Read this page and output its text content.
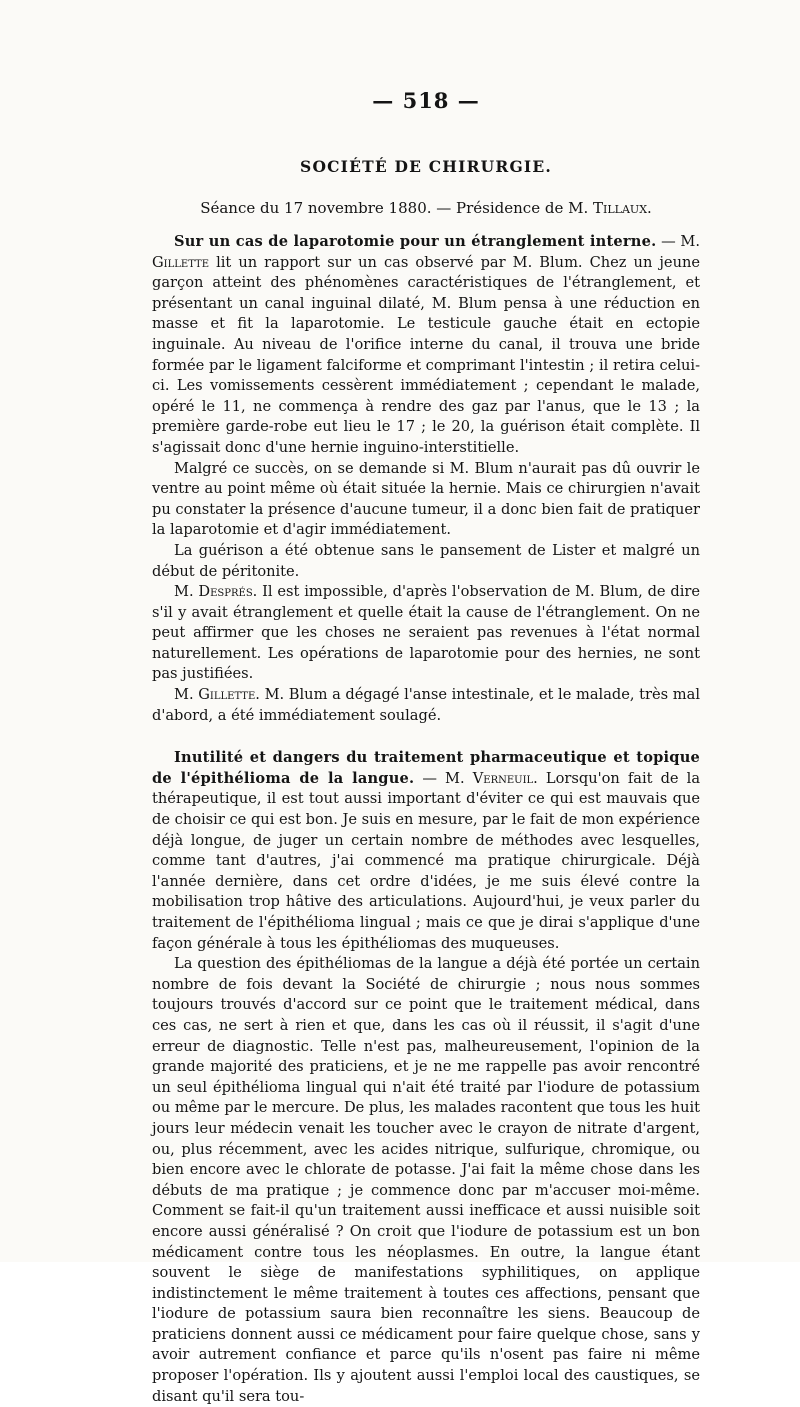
— 518 —
SOCIÉTÉ DE CHIRURGIE.
Séance du 17 novembre 1880. — Présidence de M. Tillaux.

Sur un cas de laparotomie pour un étranglement interne. — M. Gillette lit un rapport sur un cas observé par M. Blum. Chez un jeune garçon atteint des phénomènes caractéristiques de l'étranglement, et présentant un canal inguinal dilaté, M. Blum pensa à une réduction en masse et fit la laparotomie. Le testicule gauche était en ectopie inguinale. Au niveau de l'orifice interne du canal, il trouva une bride formée par le ligament falciforme et comprimant l'intestin ; il retira celui-ci. Les vomissements cessèrent immédiatement ; cependant le malade, opéré le 11, ne commença à rendre des gaz par l'anus, que le 13 ; la première garde-robe eut lieu le 17 ; le 20, la guérison était complète. Il s'agissait donc d'une hernie inguino-interstitielle.

Malgré ce succès, on se demande si M. Blum n'aurait pas dû ouvrir le ventre au point même où était située la hernie. Mais ce chirurgien n'avait pu constater la présence d'aucune tumeur, il a donc bien fait de pratiquer la laparotomie et d'agir immédiatement.

La guérison a été obtenue sans le pansement de Lister et malgré un début de péritonite.

M. Després. Il est impossible, d'après l'observation de M. Blum, de dire s'il y avait étranglement et quelle était la cause de l'étranglement. On ne peut affirmer que les choses ne seraient pas revenues à l'état normal naturellement. Les opérations de laparotomie pour des hernies, ne sont pas justifiées.

M. Gillette. M. Blum a dégagé l'anse intestinale, et le malade, très mal d'abord, a été immédiatement soulagé.

Inutilité et dangers du traitement pharmaceutique et topique de l'épithélioma de la langue. — M. Verneuil. Lorsqu'on fait de la thérapeutique, il est tout aussi important d'éviter ce qui est mauvais que de choisir ce qui est bon. Je suis en mesure, par le fait de mon expérience déjà longue, de juger un certain nombre de méthodes avec lesquelles, comme tant d'autres, j'ai commencé ma pratique chirurgicale. Déjà l'année dernière, dans cet ordre d'idées, je me suis élevé contre la mobilisation trop hâtive des articulations. Aujourd'hui, je veux parler du traitement de l'épithélioma lingual ; mais ce que je dirai s'applique d'une façon générale à tous les épithéliomas des muqueuses.

La question des épithéliomas de la langue a déjà été portée un certain nombre de fois devant la Société de chirurgie ; nous nous sommes toujours trouvés d'accord sur ce point que le traitement médical, dans ces cas, ne sert à rien et que, dans les cas où il réussit, il s'agit d'une erreur de diagnostic. Telle n'est pas, malheureusement, l'opinion de la grande majorité des praticiens, et je ne me rappelle pas avoir rencontré un seul épithélioma lingual qui n'ait été traité par l'iodure de potassium ou même par le mercure. De plus, les malades racontent que tous les huit jours leur médecin venait les toucher avec le crayon de nitrate d'argent, ou, plus récemment, avec les acides nitrique, sulfurique, chromique, ou bien encore avec le chlorate de potasse. J'ai fait la même chose dans les débuts de ma pratique ; je commence donc par m'accuser moi-même. Comment se fait-il qu'un traitement aussi inefficace et aussi nuisible soit encore aussi généralisé ? On croit que l'iodure de potassium est un bon médicament contre tous les néoplasmes. En outre, la langue étant souvent le siège de manifestations syphilitiques, on applique indistinctement le même traitement à toutes ces affections, pensant que l'iodure de potassium saura bien reconnaître les siens. Beaucoup de praticiens donnent aussi ce médicament pour faire quelque chose, sans y avoir autrement confiance et parce qu'ils n'osent pas faire ni même proposer l'opération. Ils y ajoutent aussi l'emploi local des caustiques, se disant qu'il sera tou-
